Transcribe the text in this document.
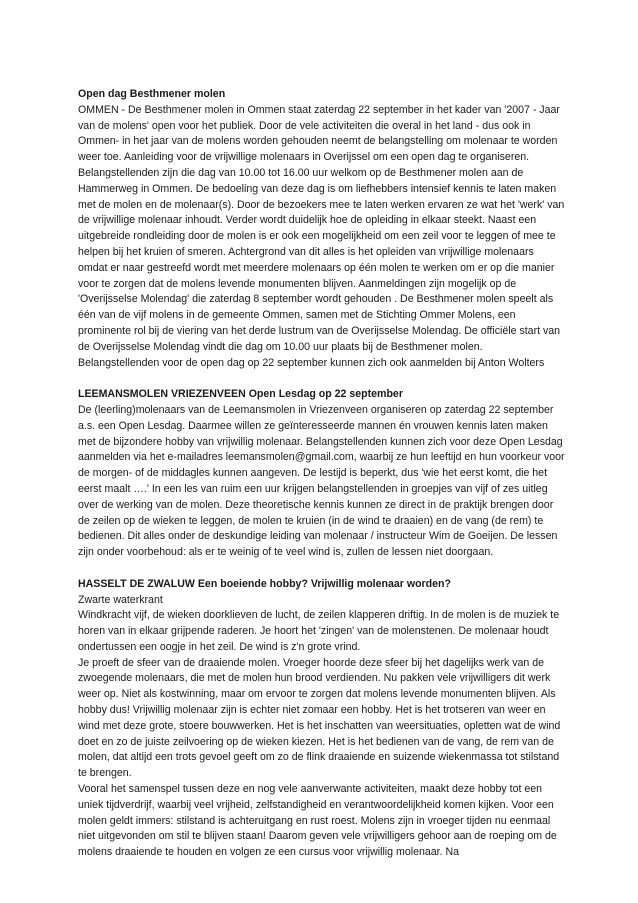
Open dag Besthmener molen

OMMEN - De Besthmener molen in Ommen staat zaterdag 22 september in het kader van '2007 - Jaar van de molens' open voor het publiek. Door de vele activiteiten die overal in het land - dus ook in Ommen- in het jaar van de molens worden gehouden neemt de belangstelling om molenaar te worden weer toe. Aanleiding voor de vrijwillige molenaars in Overijssel om een open dag te organiseren. Belangstellenden zijn die dag van 10.00 tot 16.00 uur welkom op de Besthmener molen aan de Hammerweg in Ommen. De bedoeling van deze dag is om liefhebbers intensief kennis te laten maken met de molen en de molenaar(s). Door de bezoekers mee te laten werken ervaren ze wat het 'werk' van de vrijwillige molenaar inhoudt. Verder wordt duidelijk hoe de opleiding in elkaar steekt. Naast een uitgebreide rondleiding door de molen is er ook een mogelijkheid om een zeil voor te leggen of mee te helpen bij het kruien of smeren. Achtergrond van dit alles is het opleiden van vrijwillige molenaars omdat er naar gestreefd wordt met meerdere molenaars op één molen te werken om er op die manier voor te zorgen dat de molens levende monumenten blijven. Aanmeldingen zijn mogelijk op de 'Overijsselse Molendag' die zaterdag 8 september wordt gehouden . De Besthmener molen speelt als één van de vijf molens in de gemeente Ommen, samen met de Stichting Ommer Molens, een prominente rol bij de viering van het derde lustrum van de Overijsselse Molendag. De officiële start van de Overijsselse Molendag vindt die dag om 10.00 uur plaats bij de Besthmener molen. Belangstellenden voor de open dag op 22 september kunnen zich ook aanmelden bij Anton Wolters

LEEMANSMOLEN VRIEZENVEEN Open Lesdag op 22 september

De (leerling)molenaars van de Leemansmolen in Vriezenveen organiseren op zaterdag 22 september a.s. een Open Lesdag. Daarmee willen ze geïnteresseerde mannen én vrouwen kennis laten maken met de bijzondere hobby van vrijwillig molenaar. Belangstellenden kunnen zich voor deze Open Lesdag aanmelden via het e-mailadres leemansmolen@gmail.com, waarbij ze hun leeftijd en hun voorkeur voor de morgen- of de middagles kunnen aangeven. De lestijd is beperkt, dus 'wie het eerst komt, die het eerst maalt ….' In een les van ruim een uur krijgen belangstellenden in groepjes van vijf of zes uitleg over de werking van de molen. Deze theoretische kennis kunnen ze direct in de praktijk brengen door de zeilen op de wieken te leggen, de molen te kruien (in de wind te draaien) en de vang (de rem) te bedienen. Dit alles onder de deskundige leiding van molenaar / instructeur Wim de Goeijen. De lessen zijn onder voorbehoud: als er te weinig of te veel wind is, zullen de lessen niet doorgaan.

HASSELT DE ZWALUW Een boeiende hobby? Vrijwillig molenaar worden?

Zwarte waterkrant

Windkracht vijf, de wieken doorklieven de lucht, de zeilen klapperen driftig. In de molen is de muziek te horen van in elkaar grijpende raderen. Je hoort het 'zingen' van de molenstenen. De molenaar houdt ondertussen een oogje in het zeil. De wind is z'n grote vrind.

Je proeft de sfeer van de draaiende molen. Vroeger hoorde deze sfeer bij het dagelijks werk van de zwoegende molenaars, die met de molen hun brood verdienden. Nu pakken vele vrijwilligers dit werk weer op. Niet als kostwinning, maar om ervoor te zorgen dat molens levende monumenten blijven. Als hobby dus! Vrijwillig molenaar zijn is echter niet zomaar een hobby. Het is het trotseren van weer en wind met deze grote, stoere bouwwerken. Het is het inschatten van weersituaties, opletten wat de wind doet en zo de juiste zeilvoering op de wieken kiezen. Het is het bedienen van de vang, de rem van de molen, dat altijd een trots gevoel geeft om zo de flink draaiende en suizende wiekenmassa tot stilstand te brengen.

Vooral het samenspel tussen deze en nog vele aanverwante activiteiten, maakt deze hobby tot een uniek tijdverdrijf, waarbij veel vrijheid, zelfstandigheid en verantwoordelijkheid komen kijken. Voor een molen geldt immers: stilstand is achteruitgang en rust roest. Molens zijn in vroeger tijden nu eenmaal niet uitgevonden om stil te blijven staan! Daarom geven vele vrijwilligers gehoor aan de roeping om de molens draaiende te houden en volgen ze een cursus voor vrijwillig molenaar. Na
